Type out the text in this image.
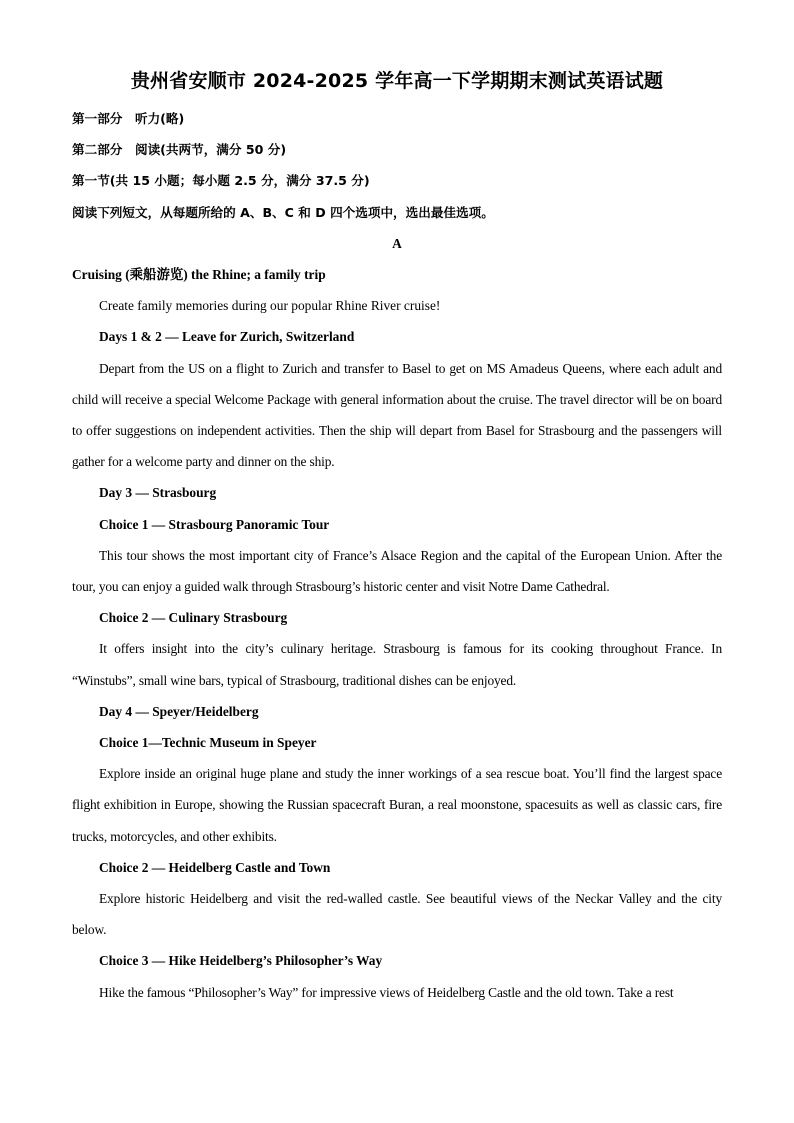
贵州省安顺市 2024-2025 学年高一下学期期末测试英语试题

第一部分　听力(略)

第二部分　阅读(共两节，满分 50 分)

第一节(共 15 小题；每小题 2.5 分，满分 37.5 分)

阅读下列短文，从每题所给的 A、B、C 和 D 四个选项中，选出最佳选项。

A

Cruising (乘船游览) the Rhine; a family trip

Create family memories during our popular Rhine River cruise!

Days 1 & 2 — Leave for Zurich, Switzerland

Depart from the US on a flight to Zurich and transfer to Basel to get on MS Amadeus Queens, where each adult and child will receive a special Welcome Package with general information about the cruise. The travel director will be on board to offer suggestions on independent activities. Then the ship will depart from Basel for Strasbourg and the passengers will gather for a welcome party and dinner on the ship.

Day 3 — Strasbourg

Choice 1 — Strasbourg Panoramic Tour

This tour shows the most important city of France’s Alsace Region and the capital of the European Union. After the tour, you can enjoy a guided walk through Strasbourg’s historic center and visit Notre Dame Cathedral.

Choice 2 — Culinary Strasbourg

It offers insight into the city’s culinary heritage. Strasbourg is famous for its cooking throughout France. In “Winstubs”, small wine bars, typical of Strasbourg, traditional dishes can be enjoyed.

Day 4 — Speyer/Heidelberg

Choice 1—Technic Museum in Speyer

Explore inside an original huge plane and study the inner workings of a sea rescue boat. You’ll find the largest space flight exhibition in Europe, showing the Russian spacecraft Buran, a real moonstone, spacesuits as well as classic cars, fire trucks, motorcycles, and other exhibits.

Choice 2 — Heidelberg Castle and Town

Explore historic Heidelberg and visit the red-walled castle. See beautiful views of the Neckar Valley and the city below.

Choice 3 — Hike Heidelberg’s Philosopher’s Way

Hike the famous “Philosopher’s Way” for impressive views of Heidelberg Castle and the old town. Take a rest
